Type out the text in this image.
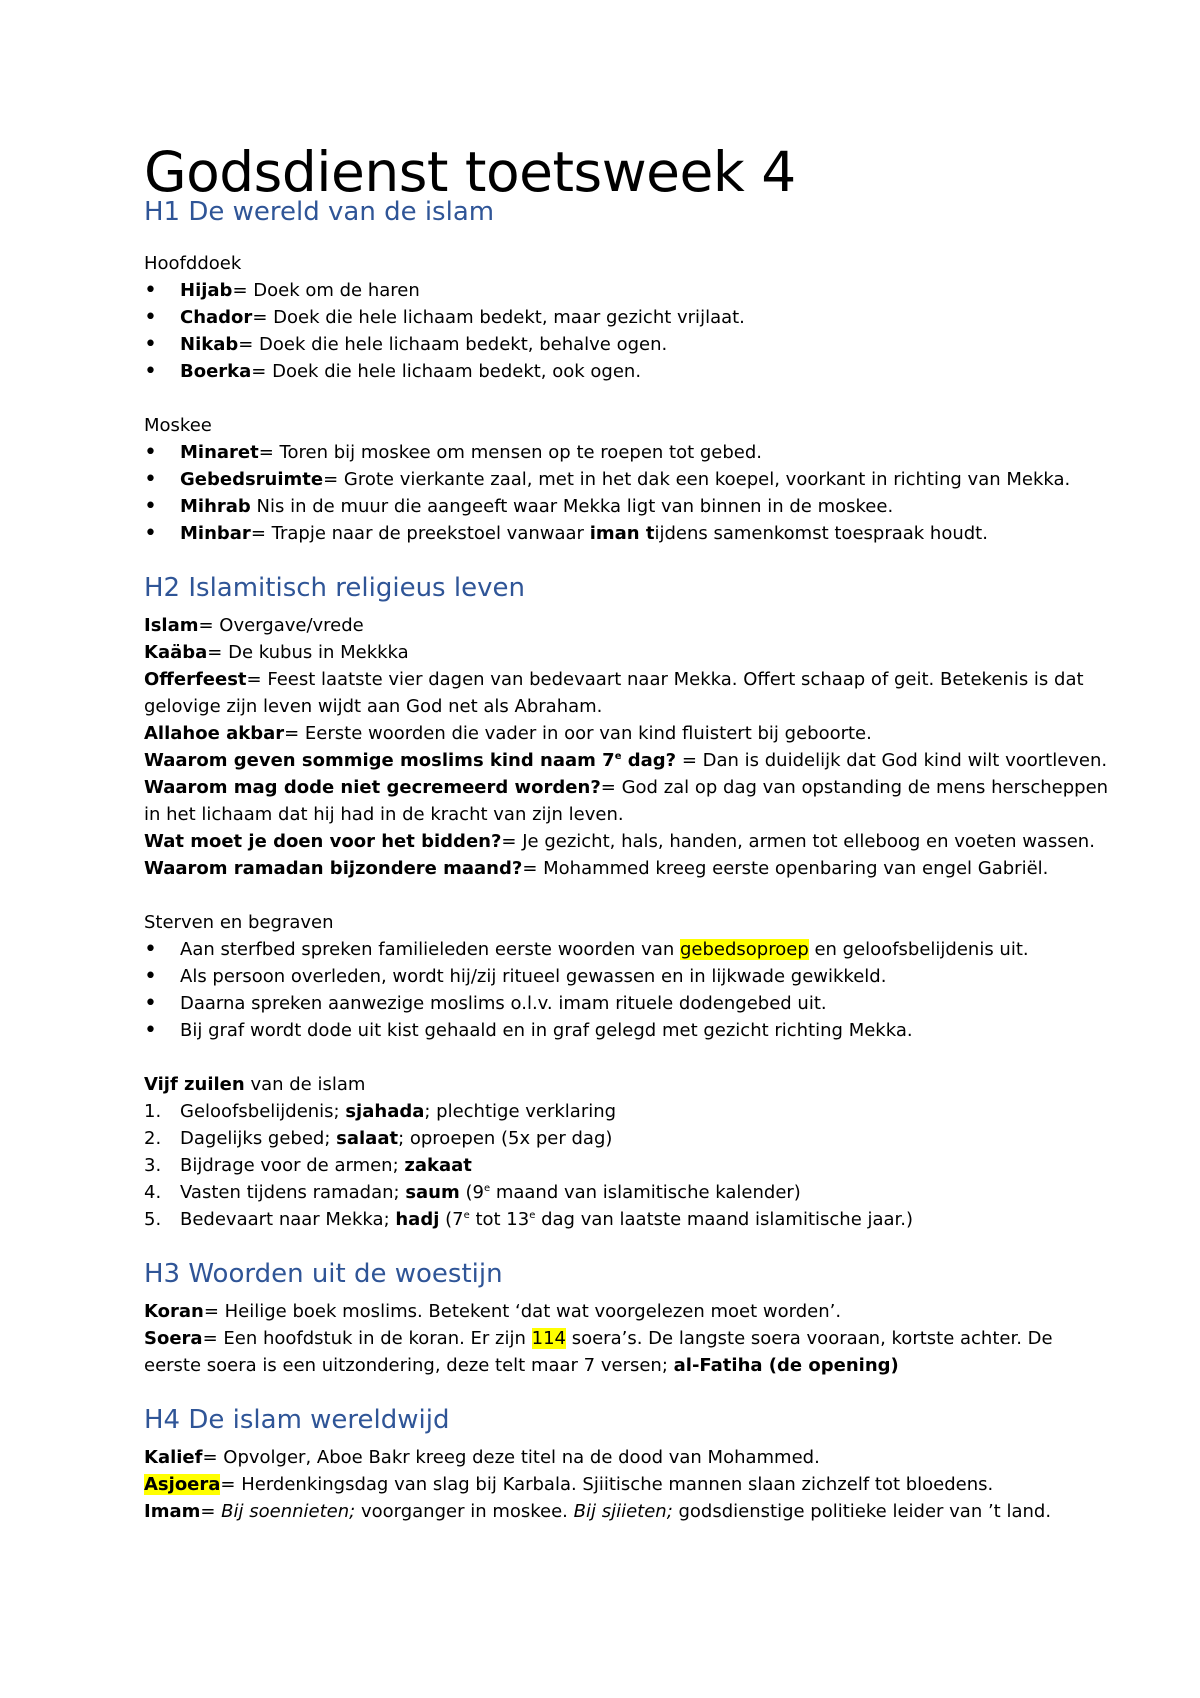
Godsdienst toetsweek 4
H1 De wereld van de islam

Hoofddoek

•
Hijab= Doek om de haren
•
Chador= Doek die hele lichaam bedekt, maar gezicht vrijlaat.
•
Nikab= Doek die hele lichaam bedekt, behalve ogen.
•
Boerka= Doek die hele lichaam bedekt, ook ogen.

Moskee

•
Minaret= Toren bij moskee om mensen op te roepen tot gebed.
•
Gebedsruimte= Grote vierkante zaal, met in het dak een koepel, voorkant in richting van Mekka.
•
Mihrab Nis in de muur die aangeeft waar Mekka ligt van binnen in de moskee.
•
Minbar= Trapje naar de preekstoel vanwaar iman tijdens samenkomst toespraak houdt.
H2 Islamitisch religieus leven

Islam= Overgave/vrede

Kaäba= De kubus in Mekkka

Offerfeest= Feest laatste vier dagen van bedevaart naar Mekka. Offert schaap of geit. Betekenis is dat

gelovige zijn leven wijdt aan God net als Abraham.

Allahoe akbar= Eerste woorden die vader in oor van kind fluistert bij geboorte.

Waarom geven sommige moslims kind naam 7e dag? = Dan is duidelijk dat God kind wilt voortleven.

Waarom mag dode niet gecremeerd worden?= God zal op dag van opstanding de mens herscheppen

in het lichaam dat hij had in de kracht van zijn leven.

Wat moet je doen voor het bidden?= Je gezicht, hals, handen, armen tot elleboog en voeten wassen.

Waarom ramadan bijzondere maand?= Mohammed kreeg eerste openbaring van engel Gabriël.

Sterven en begraven

•
Aan sterfbed spreken familieleden eerste woorden van gebedsoproep en geloofsbelijdenis uit.
•
Als persoon overleden, wordt hij/zij ritueel gewassen en in lijkwade gewikkeld.
•
Daarna spreken aanwezige moslims o.l.v. imam rituele dodengebed uit.
•
Bij graf wordt dode uit kist gehaald en in graf gelegd met gezicht richting Mekka.

Vijf zuilen van de islam

1. Geloofsbelijdenis; sjahada; plechtige verklaring
2. Dagelijks gebed; salaat; oproepen (5x per dag)
3. Bijdrage voor de armen; zakaat
4. Vasten tijdens ramadan; saum (9e maand van islamitische kalender)
5. Bedevaart naar Mekka; hadj (7e tot 13e dag van laatste maand islamitische jaar.)
H3 Woorden uit de woestijn

Koran= Heilige boek moslims. Betekent ‘dat wat voorgelezen moet worden’.

Soera= Een hoofdstuk in de koran. Er zijn 114 soera’s. De langste soera vooraan, kortste achter. De

eerste soera is een uitzondering, deze telt maar 7 versen; al-Fatiha (de opening)

H4 De islam wereldwijd

Kalief= Opvolger, Aboe Bakr kreeg deze titel na de dood van Mohammed.

Asjoera= Herdenkingsdag van slag bij Karbala. Sjiitische mannen slaan zichzelf tot bloedens.

Imam= Bij soennieten; voorganger in moskee. Bij sjiieten; godsdienstige politieke leider van ’t land.
